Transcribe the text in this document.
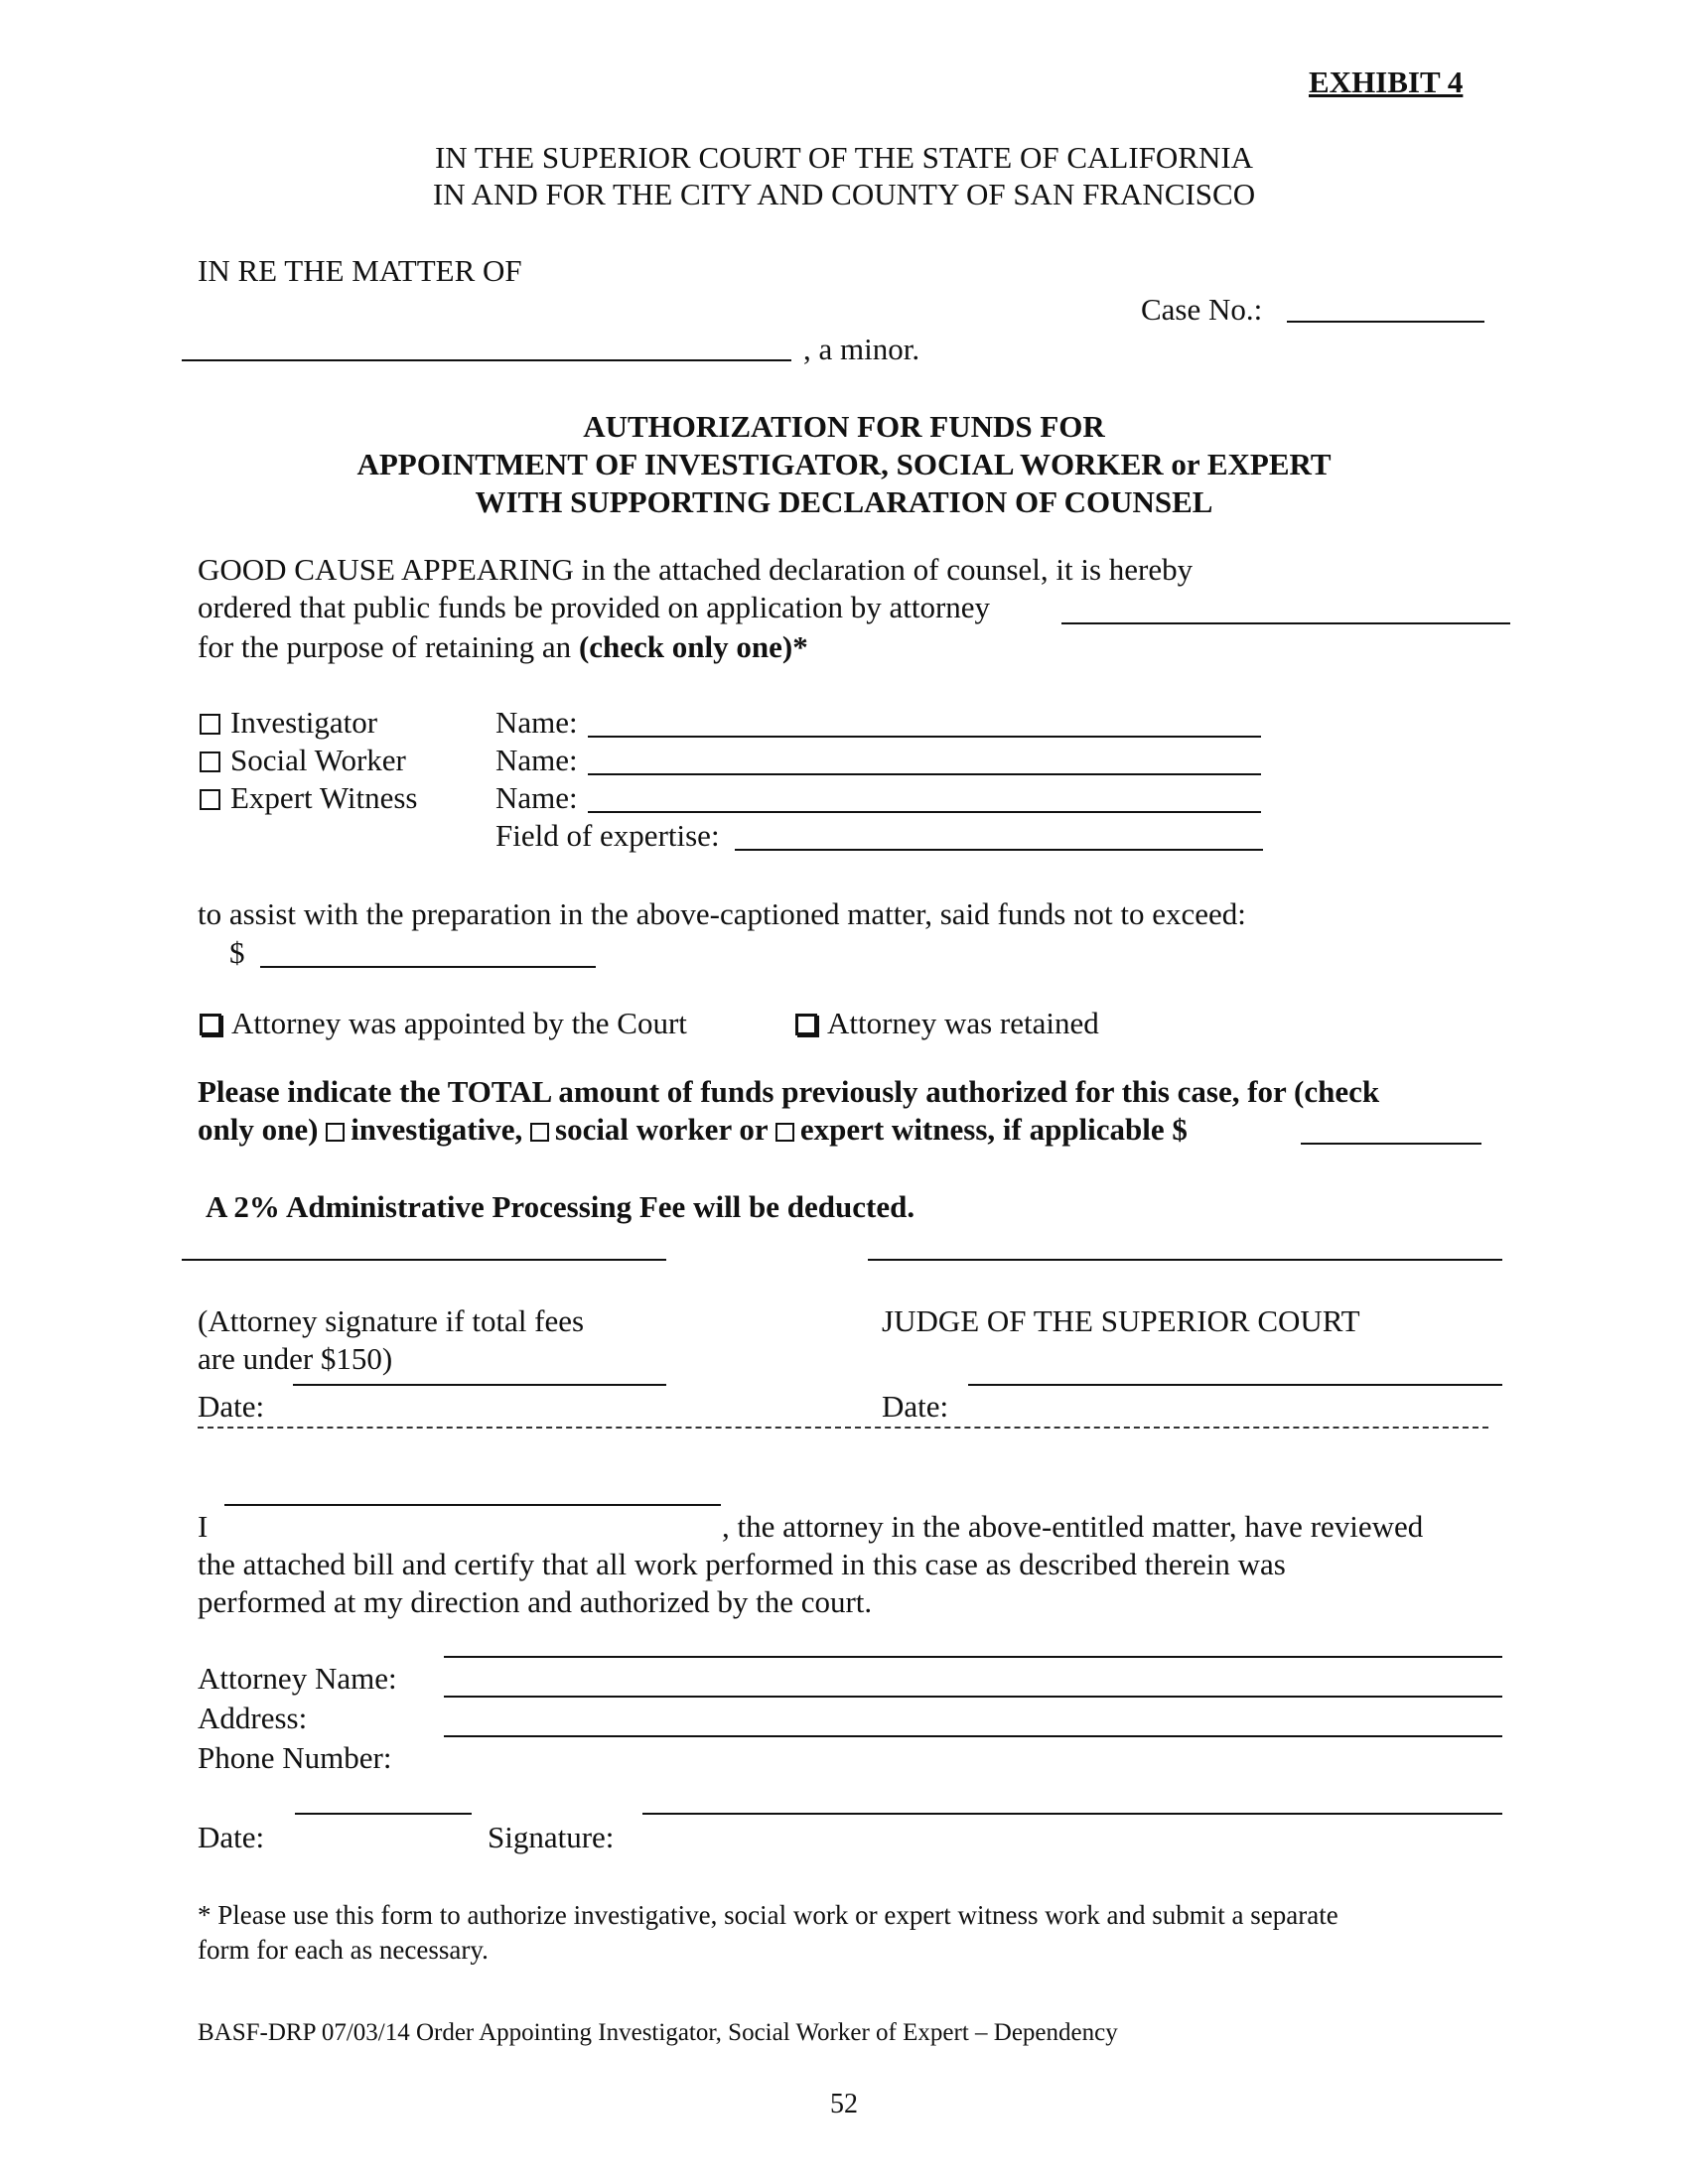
EXHIBIT 4
IN THE SUPERIOR COURT OF THE STATE OF CALIFORNIA
IN AND FOR THE CITY AND COUNTY OF SAN FRANCISCO
IN RE THE MATTER OF
Case No.:
, a minor.
AUTHORIZATION FOR FUNDS FOR
APPOINTMENT OF INVESTIGATOR, SOCIAL WORKER or EXPERT
WITH SUPPORTING DECLARATION OF COUNSEL
GOOD CAUSE APPEARING in the attached declaration of counsel, it is hereby
ordered that public funds be provided on application by attorney
for the purpose of retaining an (check only one)*
Investigator	Name:
Social Worker	Name:
Expert Witness	Name:
Field of expertise:
to assist with the preparation in the above-captioned matter, said funds not to exceed:
$
Attorney was appointed by the Court	Attorney was retained
Please indicate the TOTAL amount of funds previously authorized for this case, for (check
only one) investigative, social worker or expert witness, if applicable $
A 2% Administrative Processing Fee will be deducted.
(Attorney signature if total fees
are under $150)
JUDGE OF THE SUPERIOR COURT
Date:	Date:
I	, the attorney in the above-entitled matter, have reviewed
the attached bill and certify that all work performed in this case as described therein was
performed at my direction and authorized by the court.
Attorney Name:
Address:
Phone Number:
Date:	Signature:
* Please use this form to authorize investigative, social work or expert witness work and submit a separate
form for each as necessary.
BASF-DRP 07/03/14 Order Appointing Investigator, Social Worker of Expert – Dependency
52
